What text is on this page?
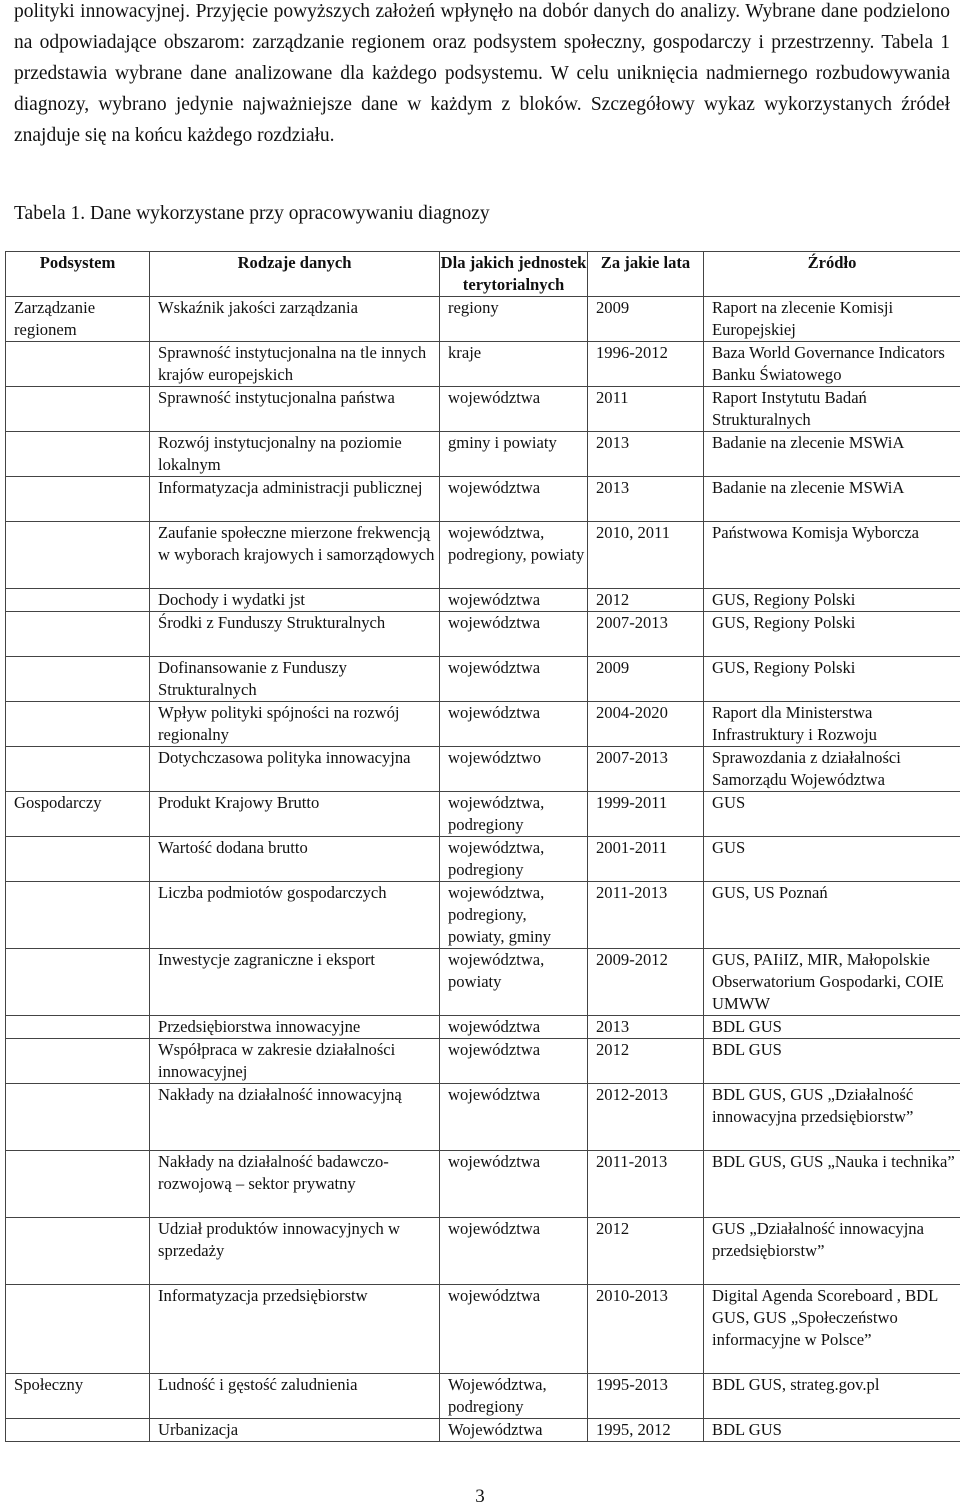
polityki innowacyjnej. Przyjęcie powyższych założeń wpłynęło na dobór danych do analizy. Wybrane dane podzielono na odpowiadające obszarom: zarządzanie regionem oraz podsystem społeczny, gospodarczy i przestrzenny. Tabela 1 przedstawia wybrane dane analizowane dla każdego podsystemu. W celu uniknięcia nadmiernego rozbudowywania diagnozy, wybrano jedynie najważniejsze dane w każdym z bloków. Szczegółowy wykaz wykorzystanych źródeł znajduje się na końcu każdego rozdziału.

Tabela 1. Dane wykorzystane przy opracowywaniu diagnozy

Podsystem	Rodzaje danych	Dla jakich jednostek terytorialnych	Za jakie lata	Źródło
Zarządzanie regionem	Wskaźnik jakości zarządzania	regiony	2009	Raport na zlecenie Komisji Europejskiej
	Sprawność instytucjonalna na tle innych krajów europejskich	kraje	1996-2012	Baza World Governance Indicators Banku Światowego
	Sprawność instytucjonalna państwa	województwa	2011	Raport Instytutu Badań Strukturalnych
	Rozwój instytucjonalny na poziomie lokalnym	gminy i powiaty	2013	Badanie na zlecenie MSWiA
	Informatyzacja administracji publicznej	województwa	2013	Badanie na zlecenie MSWiA
	Zaufanie społeczne mierzone frekwencją w wyborach krajowych i samorządowych	województwa, podregiony, powiaty	2010, 2011	Państwowa Komisja Wyborcza
	Dochody i wydatki jst	województwa	2012	GUS, Regiony Polski
	Środki z Funduszy Strukturalnych	województwa	2007-2013	GUS, Regiony Polski
	Dofinansowanie z Funduszy Strukturalnych	województwa	2009	GUS, Regiony Polski
	Wpływ polityki spójności na rozwój regionalny	województwa	2004-2020	Raport dla Ministerstwa Infrastruktury i Rozwoju
	Dotychczasowa polityka innowacyjna	województwo	2007-2013	Sprawozdania z działalności Samorządu Województwa
Gospodarczy	Produkt Krajowy Brutto	województwa, podregiony	1999-2011	GUS
	Wartość dodana brutto	województwa, podregiony	2001-2011	GUS
	Liczba podmiotów gospodarczych	województwa, podregiony, powiaty, gminy	2011-2013	GUS, US Poznań
	Inwestycje zagraniczne i eksport	województwa, powiaty	2009-2012	GUS, PAIiIZ, MIR, Małopolskie Obserwatorium Gospodarki, COIE UMWW
	Przedsiębiorstwa innowacyjne	województwa	2013	BDL GUS
	Współpraca w zakresie działalności innowacyjnej	województwa	2012	BDL GUS
	Nakłady na działalność innowacyjną	województwa	2012-2013	BDL GUS, GUS „Działalność innowacyjna przedsiębiorstw”
	Nakłady na działalność badawczo-rozwojową – sektor prywatny	województwa	2011-2013	BDL GUS, GUS „Nauka i technika”
	Udział produktów innowacyjnych w sprzedaży	województwa	2012	GUS „Działalność innowacyjna przedsiębiorstw”
	Informatyzacja przedsiębiorstw	województwa	2010-2013	Digital Agenda Scoreboard , BDL GUS, GUS „Społeczeństwo informacyjne w Polsce”
Społeczny	Ludność i gęstość zaludnienia	Województwa, podregiony	1995-2013	BDL GUS, strateg.gov.pl
	Urbanizacja	Województwa	1995, 2012	BDL GUS
3
